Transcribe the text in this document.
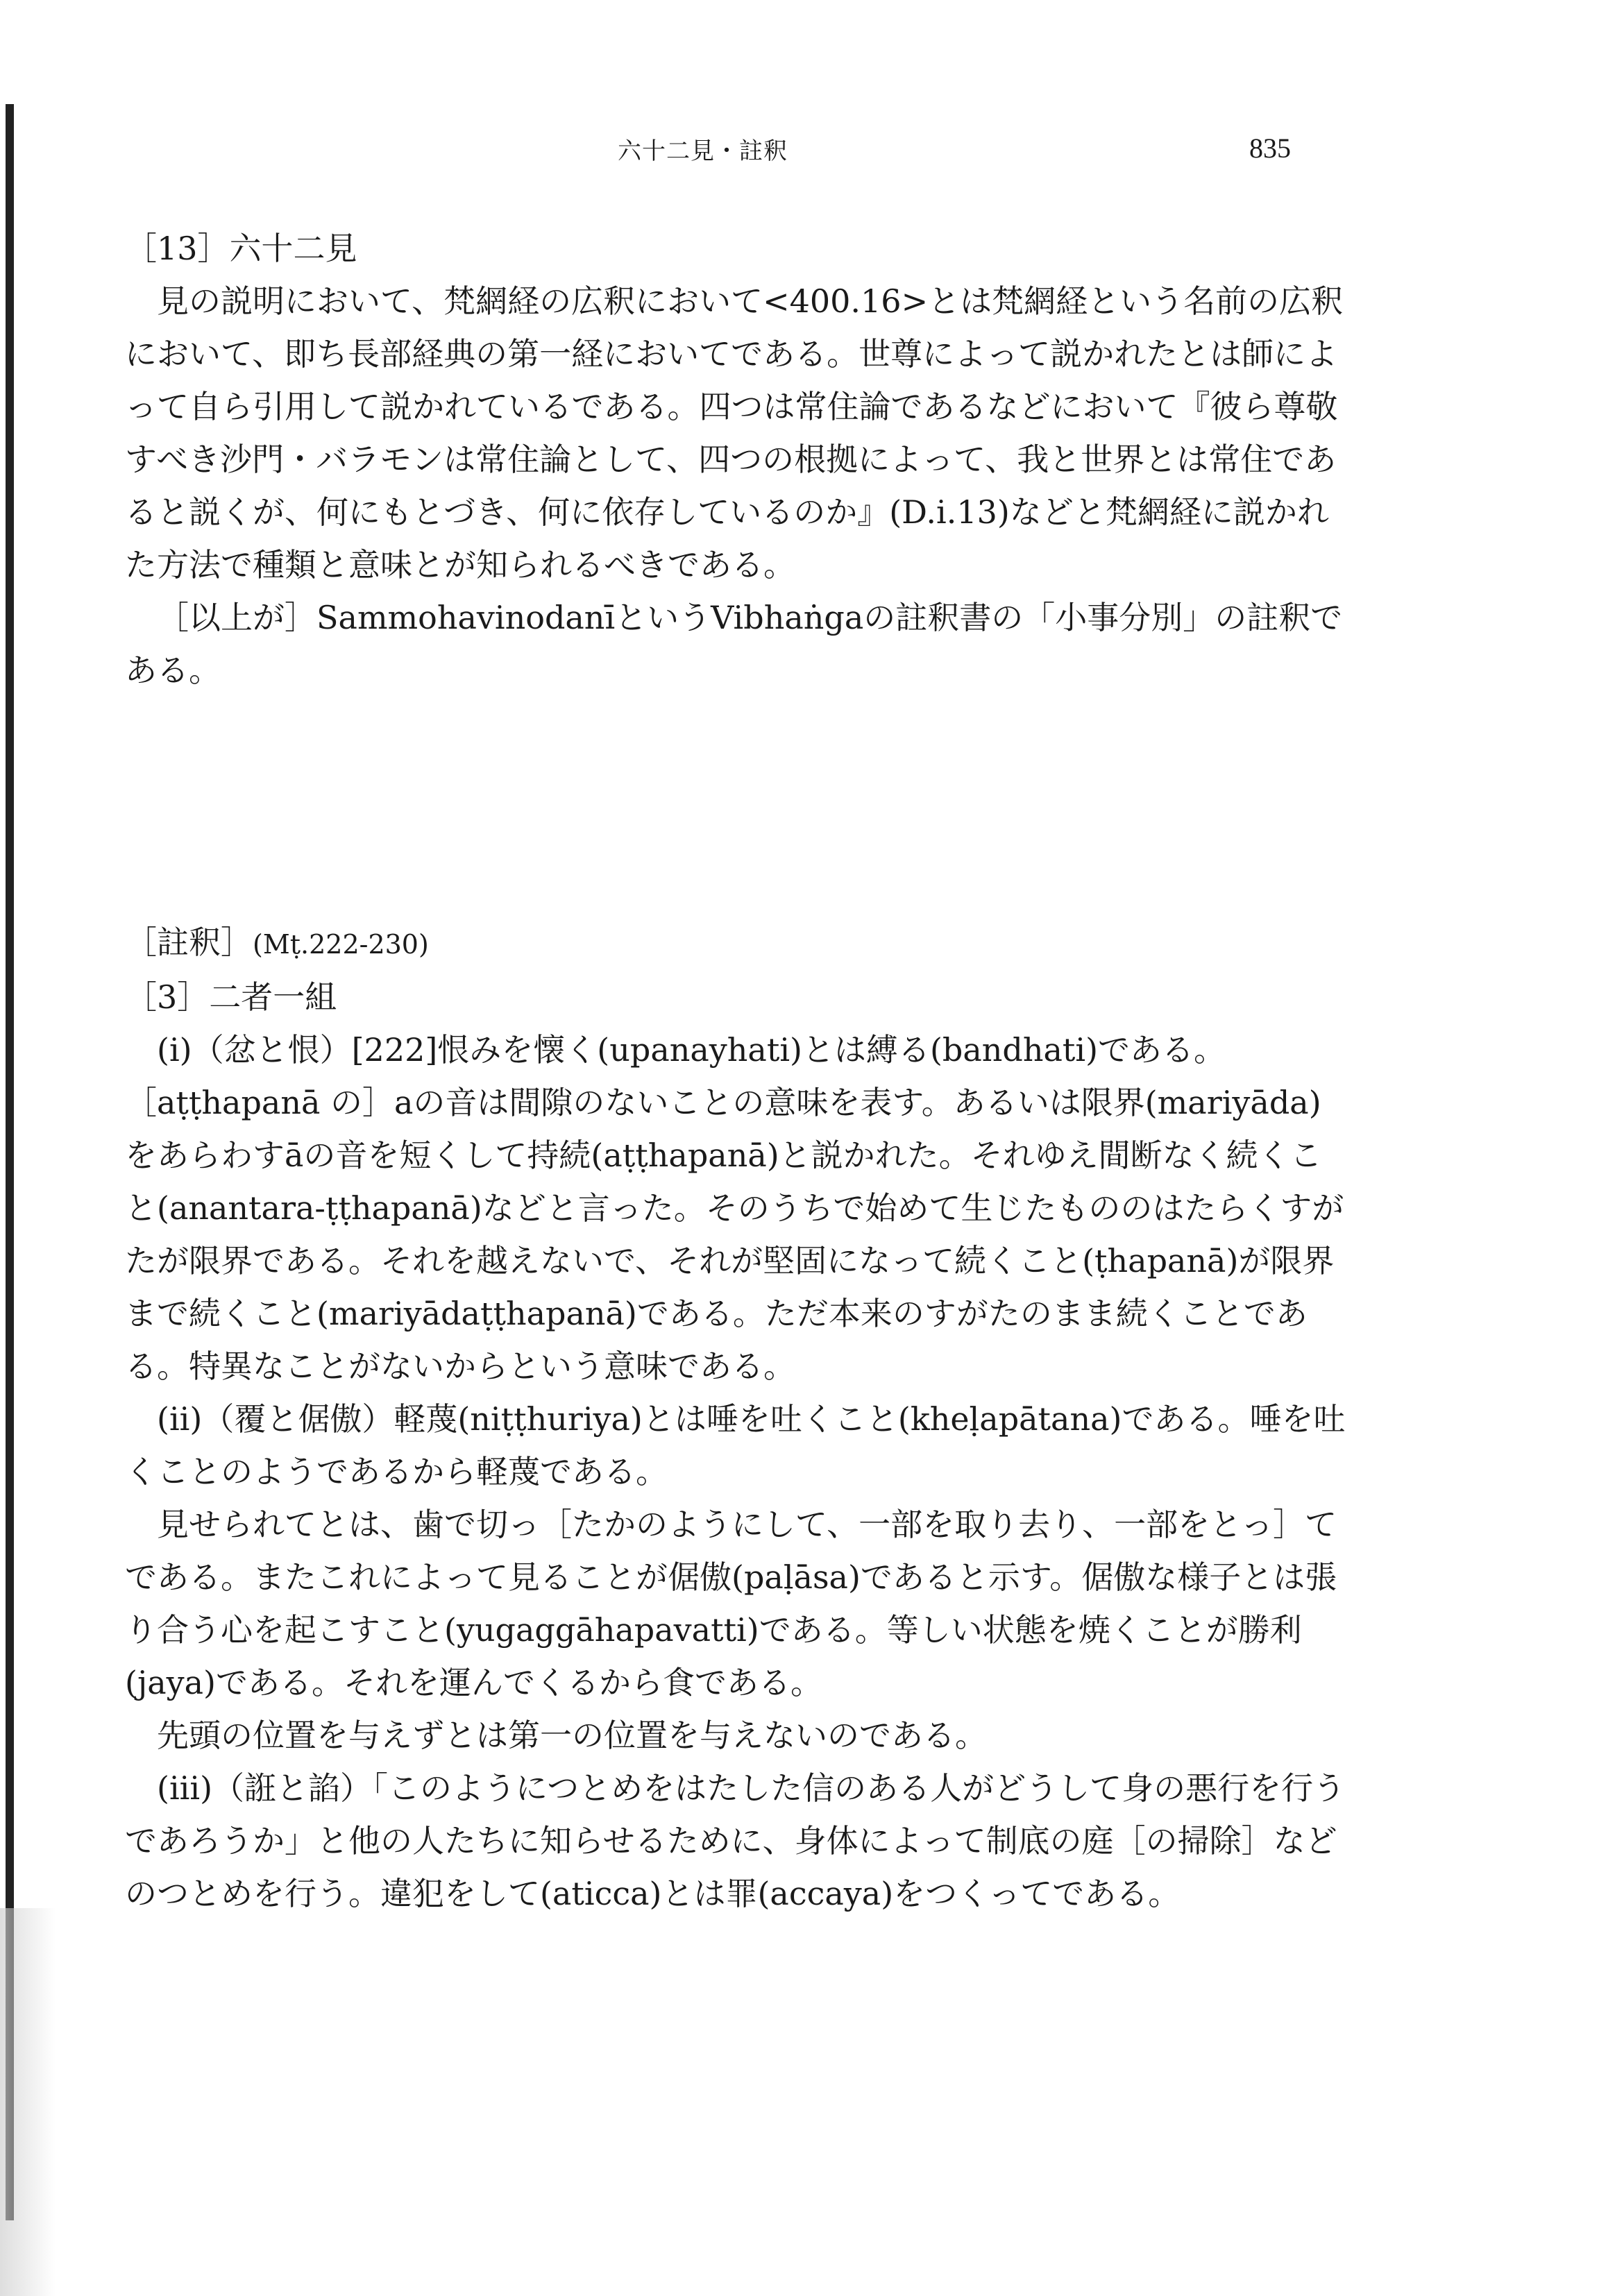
六十二見・註釈	835

［13］六十二見

見の説明において、梵網経の広釈において<400.16>とは梵網経という名前の広釈において、即ち長部経典の第一経においてである。世尊によって説かれたとは師によって自ら引用して説かれているである。四つは常住論であるなどにおいて『彼ら尊敬すべき沙門・バラモンは常住論として、四つの根拠によって、我と世界とは常住であると説くが、何にもとづき、何に依存しているのか』(D.i.13)などと梵網経に説かれた方法で種類と意味とが知られるべきである。

［以上が］SammohavinodanīというVibhaṅgaの註釈書の「小事分別」の註釈である。

［註釈］(Mṭ.222-230)

［3］二者一組

(i)（忿と恨）[222]恨みを懐く(upanayhati)とは縛る(bandhati)である。［aṭṭhapanā の］aの音は間隙のないことの意味を表す。あるいは限界(mariyāda)をあらわすāの音を短くして持続(aṭṭhapanā)と説かれた。それゆえ間断なく続くこと(anantara-ṭṭhapanā)などと言った。そのうちで始めて生じたもののはたらくすがたが限界である。それを越えないで、それが堅固になって続くこと(ṭhapanā)が限界まで続くこと(mariyādaṭṭhapanā)である。ただ本来のすがたのまま続くことである。特異なことがないからという意味である。

(ii)（覆と倨傲）軽蔑(niṭṭhuriya)とは唾を吐くこと(kheḷapātana)である。唾を吐くことのようであるから軽蔑である。

見せられてとは、歯で切っ［たかのようにして、一部を取り去り、一部をとっ］てである。またこれによって見ることが倨傲(paḷāsa)であると示す。倨傲な様子とは張り合う心を起こすこと(yugaggāhapavatti)である。等しい状態を焼くことが勝利(jaya)である。それを運んでくるから食である。

先頭の位置を与えずとは第一の位置を与えないのである。

(iii)（誑と諂）「このようにつとめをはたした信のある人がどうして身の悪行を行うであろうか」と他の人たちに知らせるために、身体によって制底の庭［の掃除］などのつとめを行う。違犯をして(aticca)とは罪(accaya)をつくってである。
